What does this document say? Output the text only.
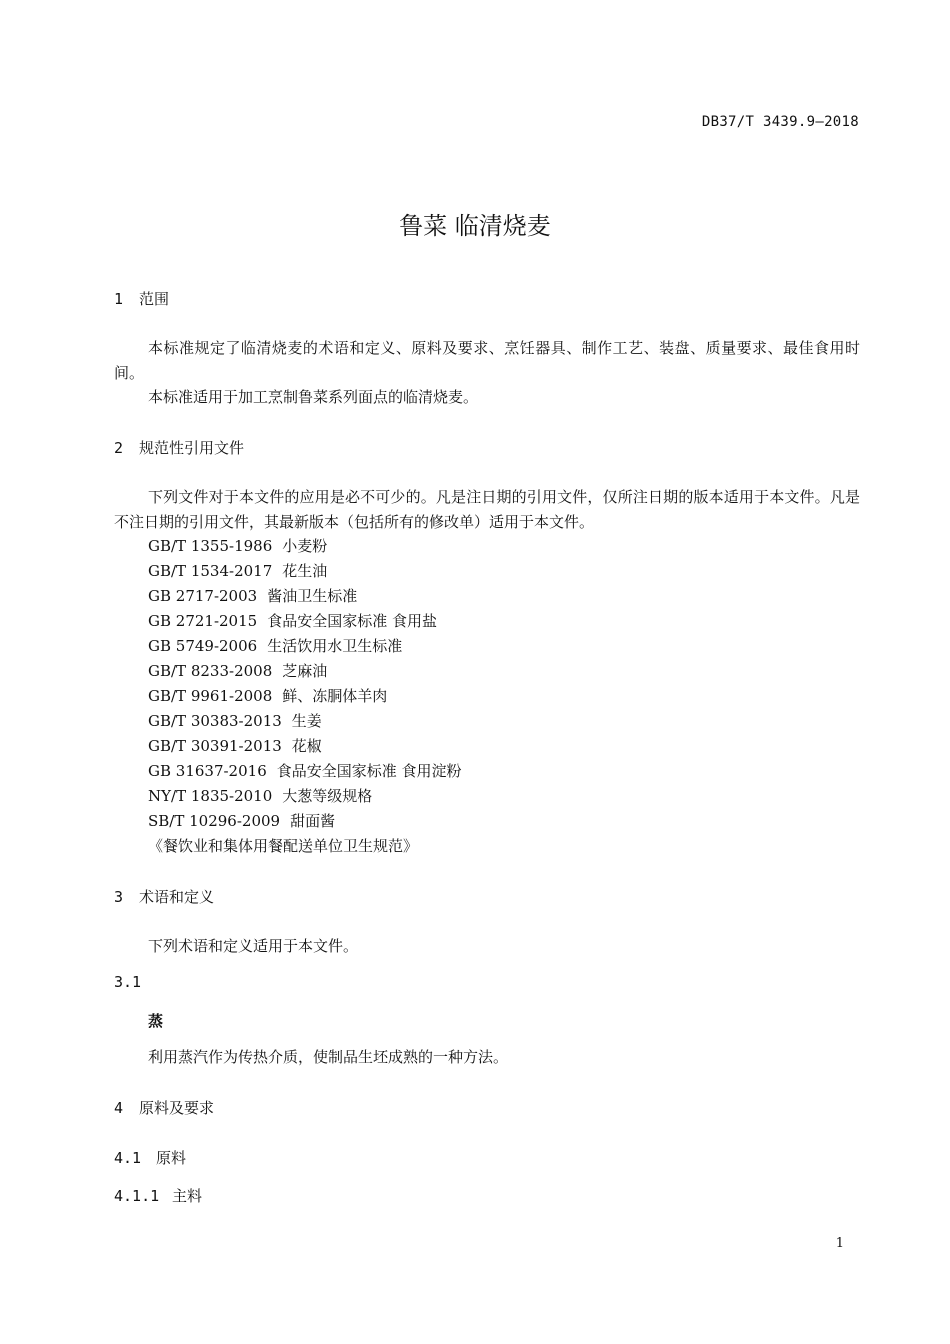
DB37/T 3439.9—2018
鲁菜 临清烧麦
1 范围
本标准规定了临清烧麦的术语和定义、原料及要求、烹饪器具、制作工艺、装盘、质量要求、最佳食用时间。
本标准适用于加工烹制鲁菜系列面点的临清烧麦。
2 规范性引用文件
下列文件对于本文件的应用是必不可少的。凡是注日期的引用文件，仅所注日期的版本适用于本文件。凡是不注日期的引用文件，其最新版本（包括所有的修改单）适用于本文件。
GB/T 1355-1986 小麦粉
GB/T 1534-2017 花生油
GB 2717-2003 酱油卫生标准
GB 2721-2015 食品安全国家标准 食用盐
GB 5749-2006 生活饮用水卫生标准
GB/T 8233-2008 芝麻油
GB/T 9961-2008 鲜、冻胴体羊肉
GB/T 30383-2013 生姜
GB/T 30391-2013 花椒
GB 31637-2016 食品安全国家标准 食用淀粉
NY/T 1835-2010 大葱等级规格
SB/T 10296-2009 甜面酱
《餐饮业和集体用餐配送单位卫生规范》
3 术语和定义
下列术语和定义适用于本文件。
3.1
蒸
利用蒸汽作为传热介质，使制品生坯成熟的一种方法。
4 原料及要求
4.1 原料
4.1.1 主料
1
